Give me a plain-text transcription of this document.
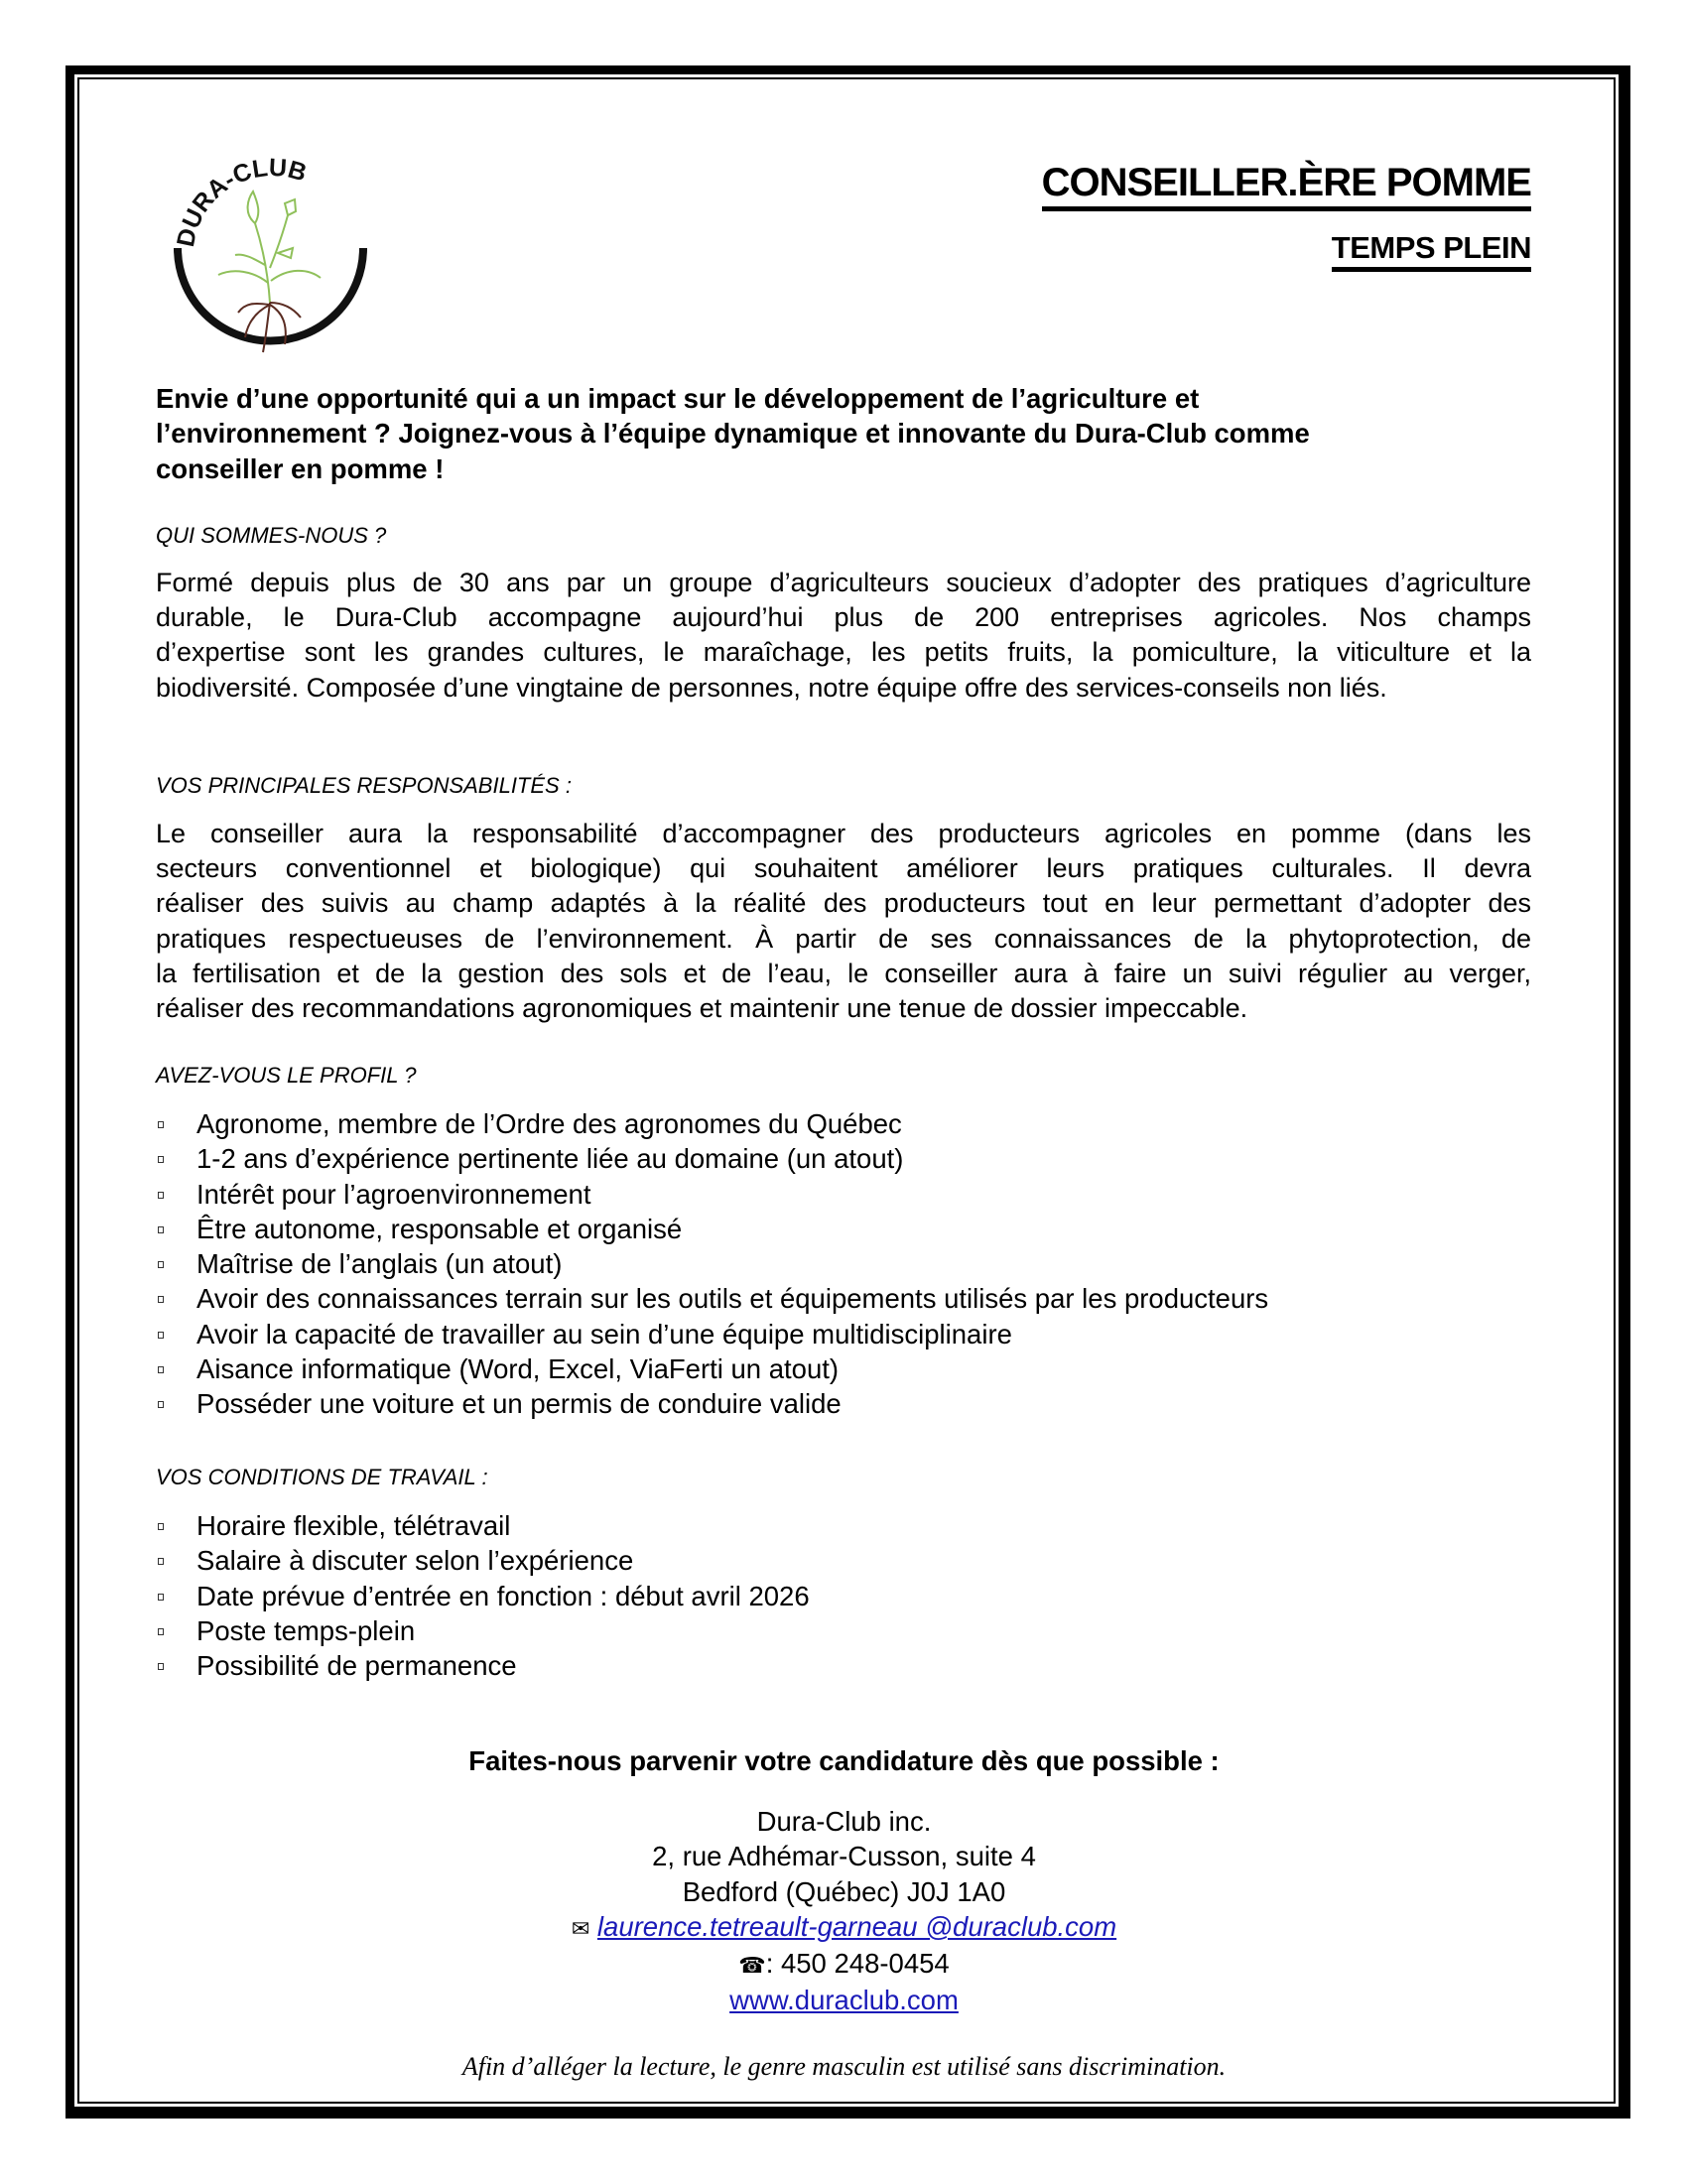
DURA-CLUB	CONSEILLER.ÈRE POMME
TEMPS PLEIN
Envie d’une opportunité qui a un impact sur le développement de l’agriculture et
l’environnement ? Joignez-vous à l’équipe dynamique et innovante du Dura-Club comme
conseiller en pomme !
QUI SOMMES-NOUS ?
Formé depuis plus de 30 ans par un groupe d’agriculteurs soucieux d’adopter des pratiques d’agriculture
durable, le Dura-Club accompagne aujourd’hui plus de 200 entreprises agricoles. Nos champs
d’expertise sont les grandes cultures, le maraîchage, les petits fruits, la pomiculture, la viticulture et la
biodiversité. Composée d’une vingtaine de personnes, notre équipe offre des services-conseils non liés.
VOS PRINCIPALES RESPONSABILITÉS :
Le conseiller aura la responsabilité d’accompagner des producteurs agricoles en pomme (dans les
secteurs conventionnel et biologique) qui souhaitent améliorer leurs pratiques culturales. Il devra
réaliser des suivis au champ adaptés à la réalité des producteurs tout en leur permettant d’adopter des
pratiques respectueuses de l’environnement. À partir de ses connaissances de la phytoprotection, de
la fertilisation et de la gestion des sols et de l’eau, le conseiller aura à faire un suivi régulier au verger,
réaliser des recommandations agronomiques et maintenir une tenue de dossier impeccable.
AVEZ-VOUS LE PROFIL ?
Agronome, membre de l’Ordre des agronomes du Québec
1-2 ans d’expérience pertinente liée au domaine (un atout)
Intérêt pour l’agroenvironnement
Être autonome, responsable et organisé
Maîtrise de l’anglais (un atout)
Avoir des connaissances terrain sur les outils et équipements utilisés par les producteurs
Avoir la capacité de travailler au sein d’une équipe multidisciplinaire
Aisance informatique (Word, Excel, ViaFerti un atout)
Posséder une voiture et un permis de conduire valide
VOS CONDITIONS DE TRAVAIL :
Horaire flexible, télétravail
Salaire à discuter selon l’expérience
Date prévue d’entrée en fonction : début avril 2026
Poste temps-plein
Possibilité de permanence
Faites-nous parvenir votre candidature dès que possible :
Dura-Club inc.
2, rue Adhémar-Cusson, suite 4
Bedford (Québec) J0J 1A0
✉ laurence.tetreault-garneau @duraclub.com
☎: 450 248-0454
www.duraclub.com
Afin d’alléger la lecture, le genre masculin est utilisé sans discrimination.
